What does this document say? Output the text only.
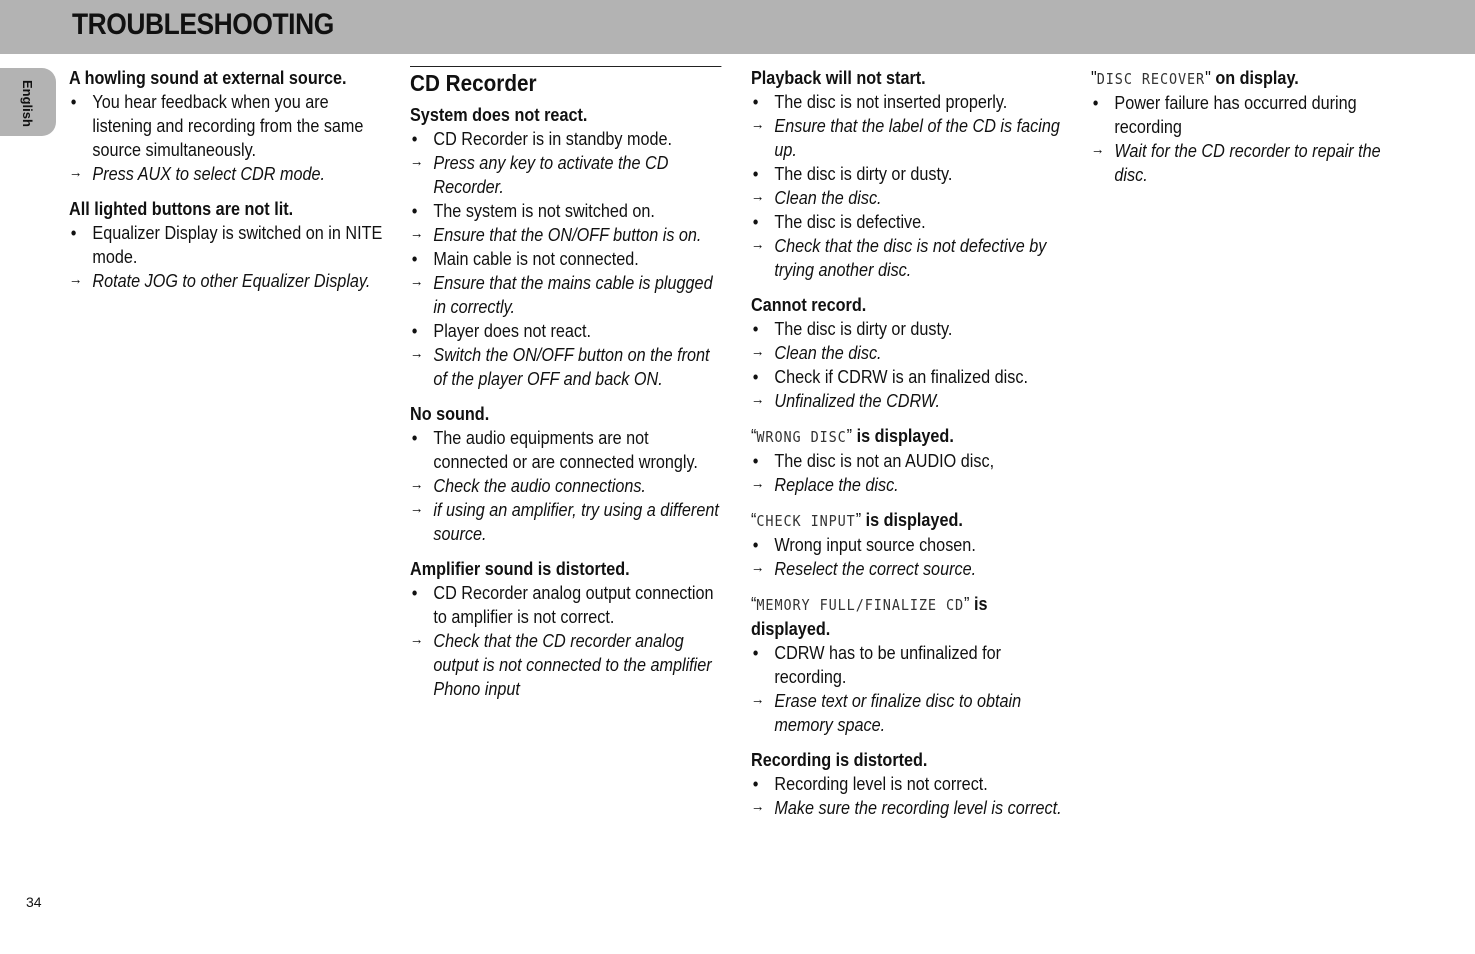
TROUBLESHOOTING
English
34
A howling sound at external source.
• You hear feedback when you are listening and recording from the same source simultaneously.
→ Press AUX to select CDR mode.
All lighted buttons are not lit.
• Equalizer Display is switched on in NITE mode.
→ Rotate JOG to other Equalizer Display.
CD Recorder
System does not react.
• CD Recorder is in standby mode.
→ Press any key to activate the CD Recorder.
• The system is not switched on.
→ Ensure that the ON/OFF button is on.
• Main cable is not connected.
→ Ensure that the mains cable is plugged in correctly.
• Player does not react.
→ Switch the ON/OFF button on the front of the player OFF and back ON.
No sound.
• The audio equipments are not connected or are connected wrongly.
→ Check the audio connections.
→ if using an amplifier, try using a different source.
Amplifier sound is distorted.
• CD Recorder analog output connection to amplifier is not correct.
→ Check that the CD recorder analog output is not connected to the amplifier Phono input
Playback will not start.
• The disc is not inserted properly.
→ Ensure that the label of the CD is facing up.
• The disc is dirty or dusty.
→ Clean the disc.
• The disc is defective.
→ Check that the disc is not defective by trying another disc.
Cannot record.
• The disc is dirty or dusty.
→ Clean the disc.
• Check if CDRW is an finalized disc.
→ Unfinalized the CDRW.
“WRONG DISC” is displayed.
• The disc is not an AUDIO disc,
→ Replace the disc.
“CHECK INPUT” is displayed.
• Wrong input source chosen.
→ Reselect the correct source.
“MEMORY FULL/FINALIZE CD” is displayed.
• CDRW has to be unfinalized for recording.
→ Erase text or finalize disc to obtain memory space.
Recording is distorted.
• Recording level is not correct.
→ Make sure the recording level is correct.
"DISC RECOVER" on display.
• Power failure has occurred during recording
→ Wait for the CD recorder to repair the disc.
